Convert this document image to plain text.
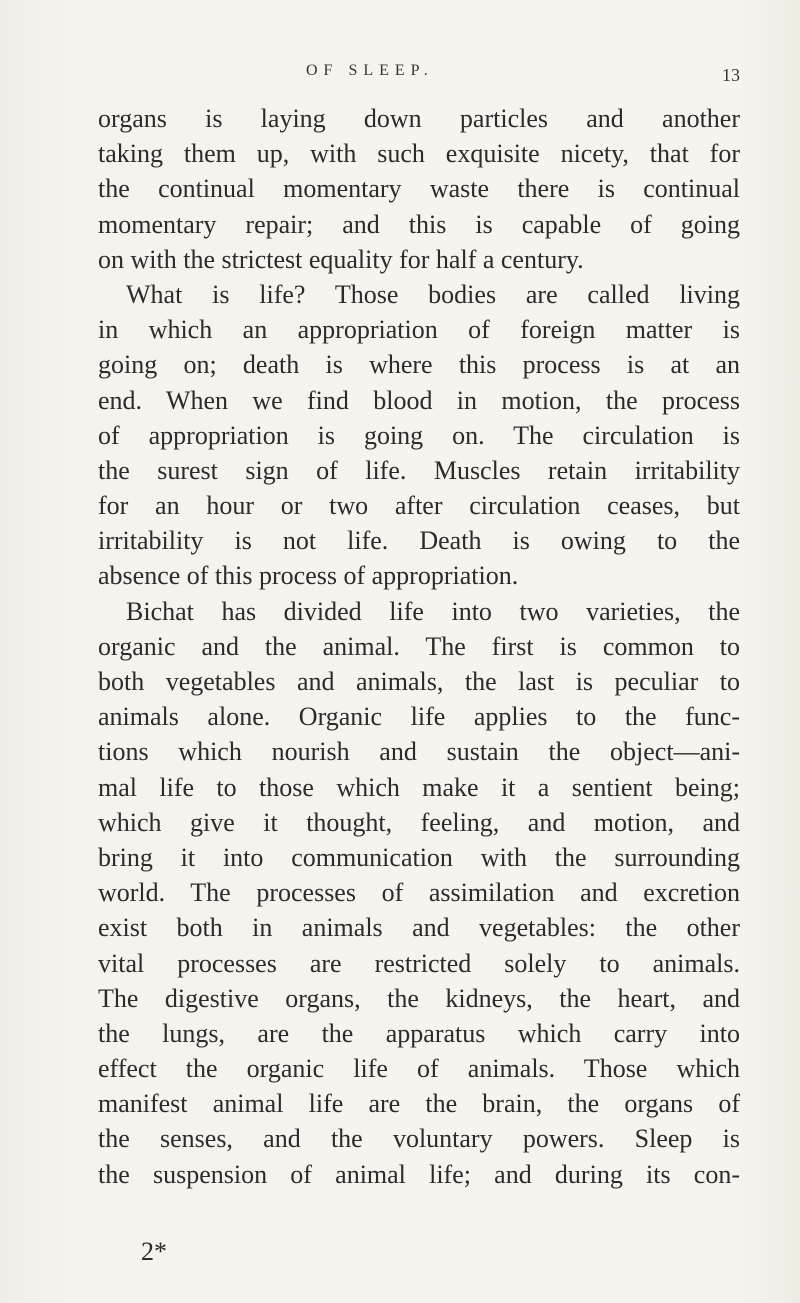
OF SLEEP.	13
organs is laying down particles and another
taking them up, with such exquisite nicety, that for
the continual momentary waste there is continual
momentary repair; and this is capable of going
on with the strictest equality for half a century.
What is life? Those bodies are called living
in which an appropriation of foreign matter is
going on; death is where this process is at an
end. When we find blood in motion, the process
of appropriation is going on. The circulation is
the surest sign of life. Muscles retain irritability
for an hour or two after circulation ceases, but
irritability is not life. Death is owing to the
absence of this process of appropriation.
Bichat has divided life into two varieties, the
organic and the animal. The first is common to
both vegetables and animals, the last is peculiar to
animals alone. Organic life applies to the func-
tions which nourish and sustain the object—ani-
mal life to those which make it a sentient being;
which give it thought, feeling, and motion, and
bring it into communication with the surrounding
world. The processes of assimilation and excretion
exist both in animals and vegetables: the other
vital processes are restricted solely to animals.
The digestive organs, the kidneys, the heart, and
the lungs, are the apparatus which carry into
effect the organic life of animals. Those which
manifest animal life are the brain, the organs of
the senses, and the voluntary powers. Sleep is
the suspension of animal life; and during its con-
2*
